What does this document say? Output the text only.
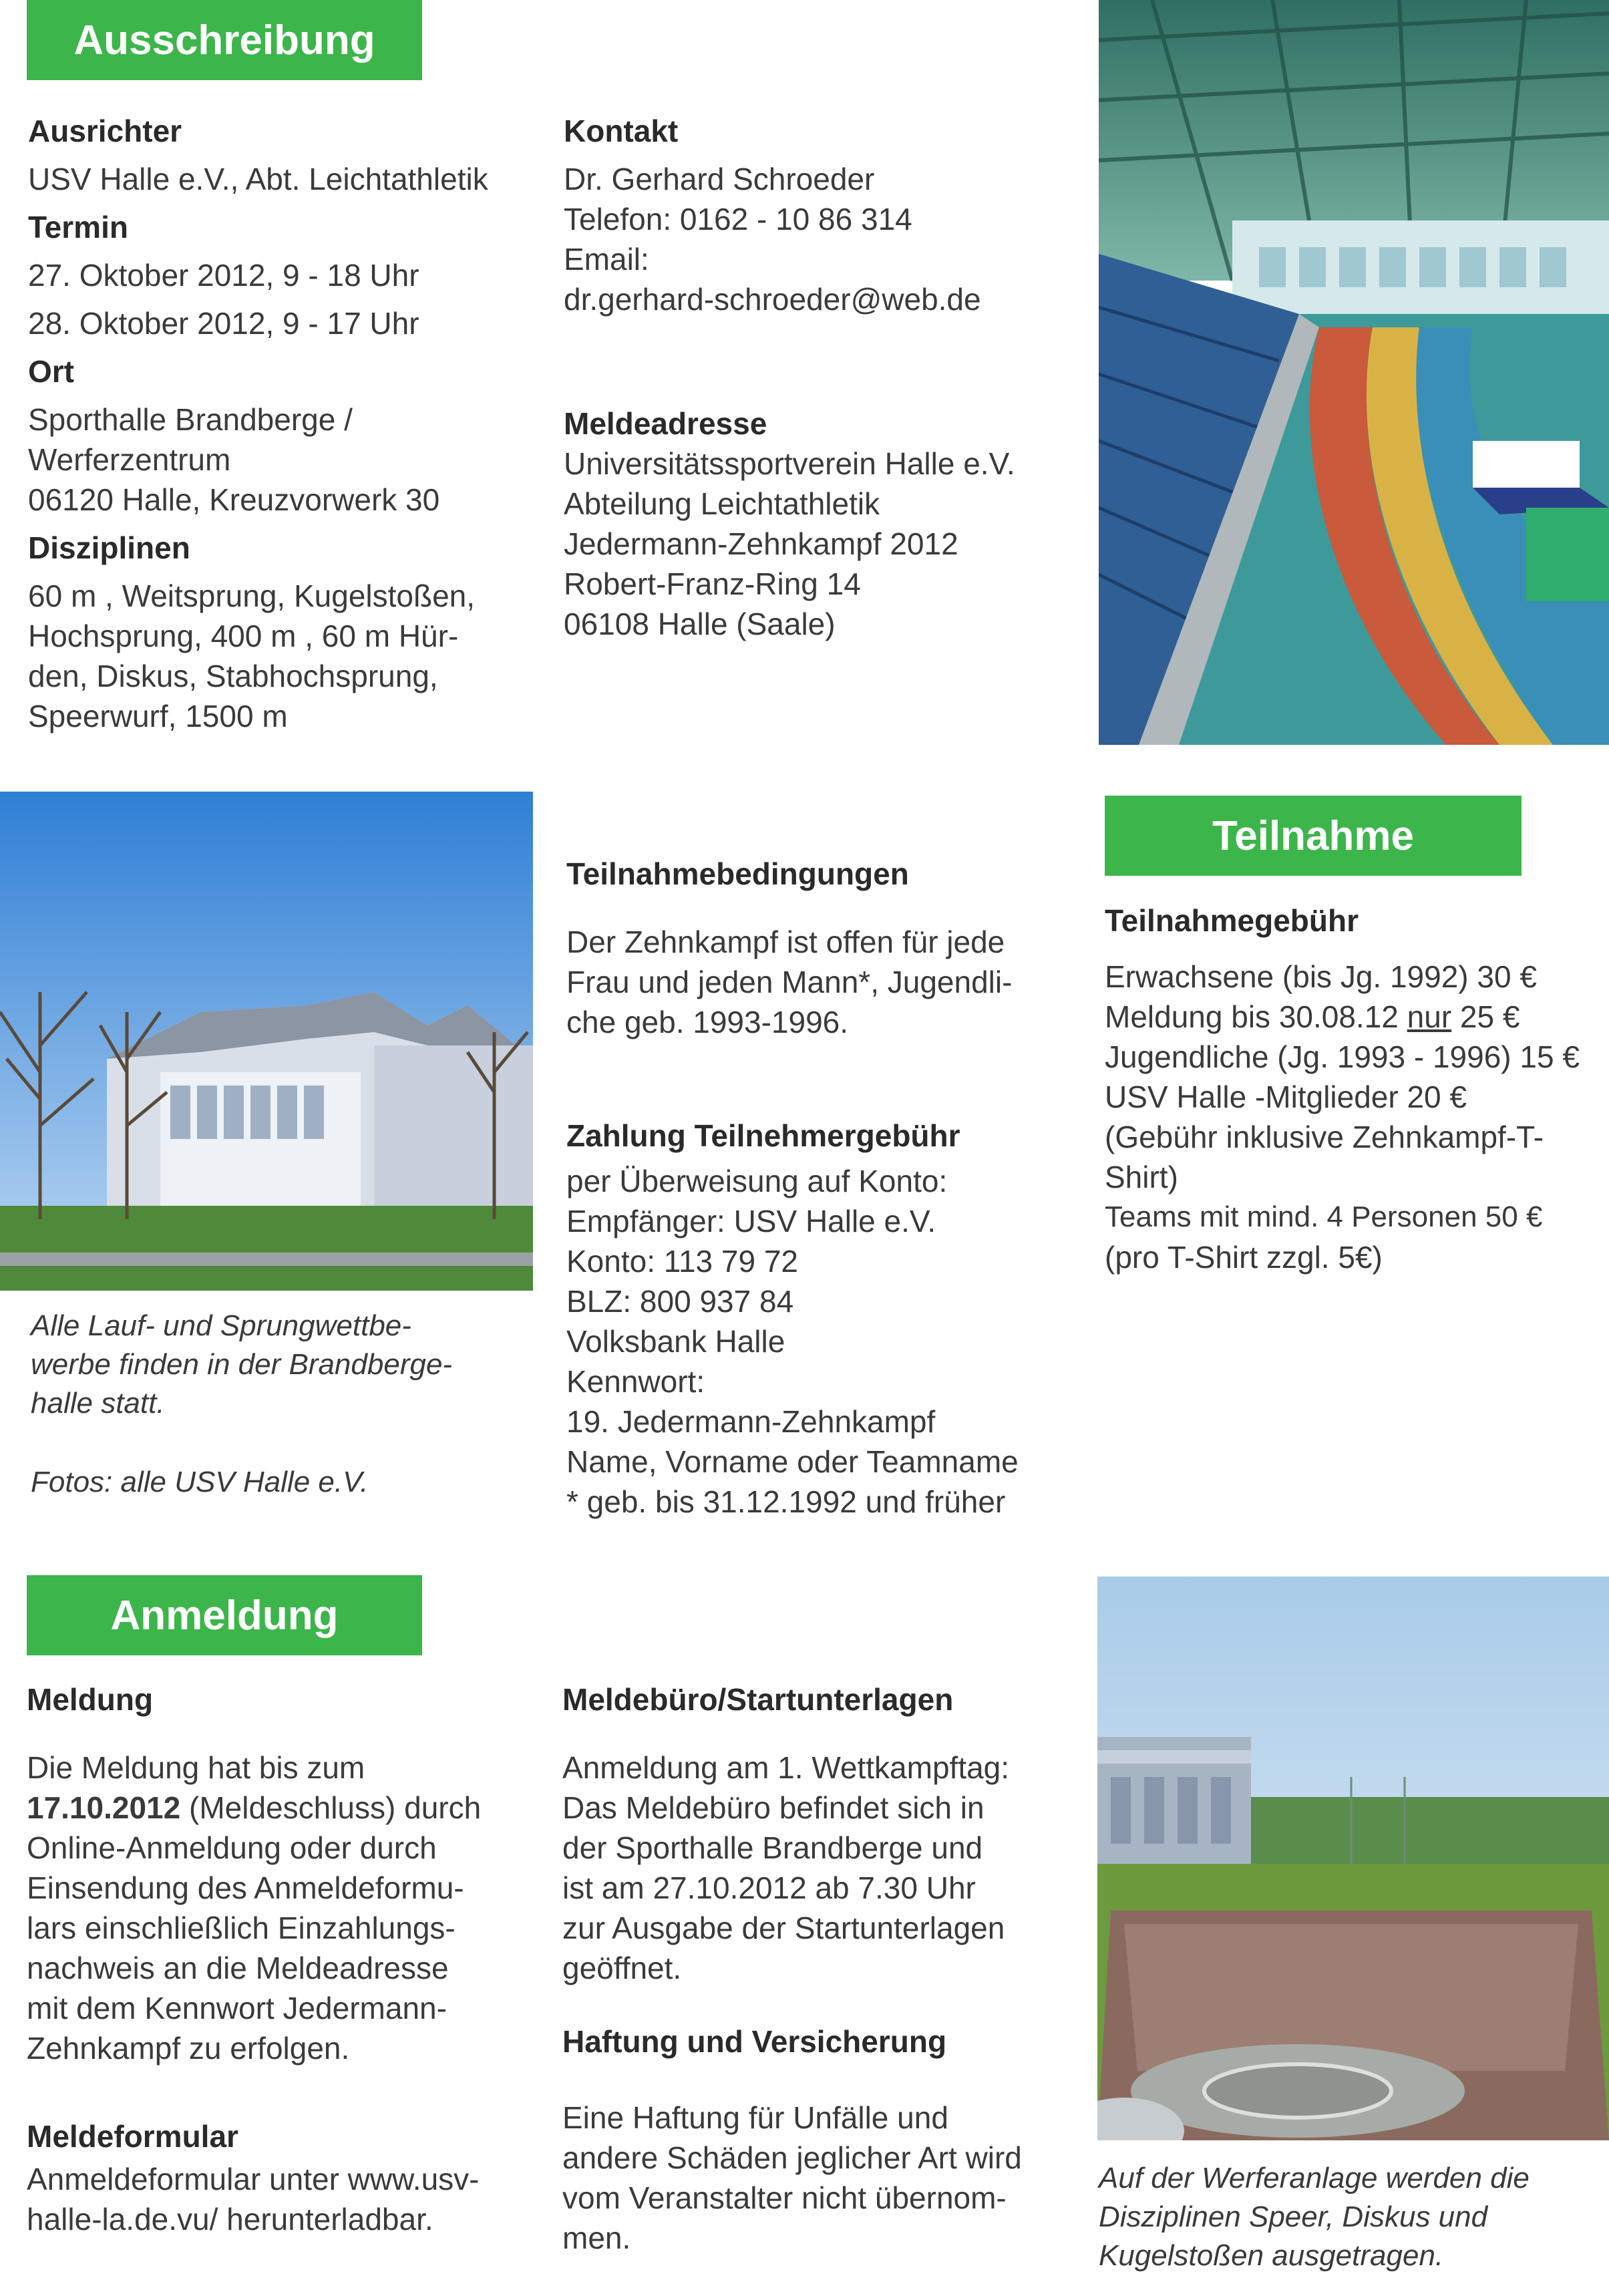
Ausschreibung
Ausrichter
USV Halle e.V., Abt. Leichtathletik
Termin
27. Oktober 2012, 9 - 18 Uhr
28. Oktober 2012, 9 - 17 Uhr
Ort
Sporthalle Brandberge /
Werferzentrum
06120 Halle, Kreuzvorwerk 30
Disziplinen
60 m , Weitsprung, Kugelstoßen,
Hochsprung, 400 m , 60 m Hür-
den, Diskus, Stabhochsprung,
Speerwurf, 1500 m
Kontakt
Dr. Gerhard Schroeder
Telefon: 0162 - 10 86 314
Email:
dr.gerhard-schroeder@web.de
Meldeadresse
Universitätssportverein Halle e.V.
Abteilung Leichtathletik
Jedermann-Zehnkampf 2012
Robert-Franz-Ring 14
06108 Halle (Saale)
Alle Lauf- und Sprungwettbe-
werbe finden in der Brandberge-
halle statt.
Fotos: alle USV Halle e.V.
Teilnahmebedingungen
Der Zehnkampf ist offen für jede
Frau und jeden Mann*, Jugendli-
che geb. 1993-1996.
Zahlung Teilnehmergebühr
per Überweisung auf Konto:
Empfänger: USV Halle e.V.
Konto: 113 79 72
BLZ: 800 937 84
Volksbank Halle
Kennwort:
19. Jedermann-Zehnkampf
Name, Vorname oder Teamname
* geb. bis 31.12.1992 und früher
Teilnahme
Teilnahmegebühr
Erwachsene (bis Jg. 1992) 30 €
Meldung bis 30.08.12 nur 25 €
Jugendliche (Jg. 1993 - 1996) 15 €
USV Halle -Mitglieder 20 €
(Gebühr inklusive Zehnkampf-T-
Shirt)
Teams mit mind. 4 Personen 50 €
(pro T-Shirt zzgl. 5€)
Anmeldung
Meldung
Die Meldung hat bis zum
17.10.2012 (Meldeschluss) durch
Online-Anmeldung oder durch
Einsendung des Anmeldeformu-
lars einschließlich Einzahlungs-
nachweis an die Meldeadresse
mit dem Kennwort Jedermann-
Zehnkampf zu erfolgen.
Meldeformular
Anmeldeformular unter www.usv-
halle-la.de.vu/ herunterladbar.
Meldebüro/Startunterlagen
Anmeldung am 1. Wettkampftag:
Das Meldebüro befindet sich in
der Sporthalle Brandberge und
ist am 27.10.2012 ab 7.30 Uhr
zur Ausgabe der Startunterlagen
geöffnet.
Haftung und Versicherung
Eine Haftung für Unfälle und
andere Schäden jeglicher Art wird
vom Veranstalter nicht übernom-
men.
Auf der Werferanlage werden die
Disziplinen Speer, Diskus und
Kugelstoßen ausgetragen.
